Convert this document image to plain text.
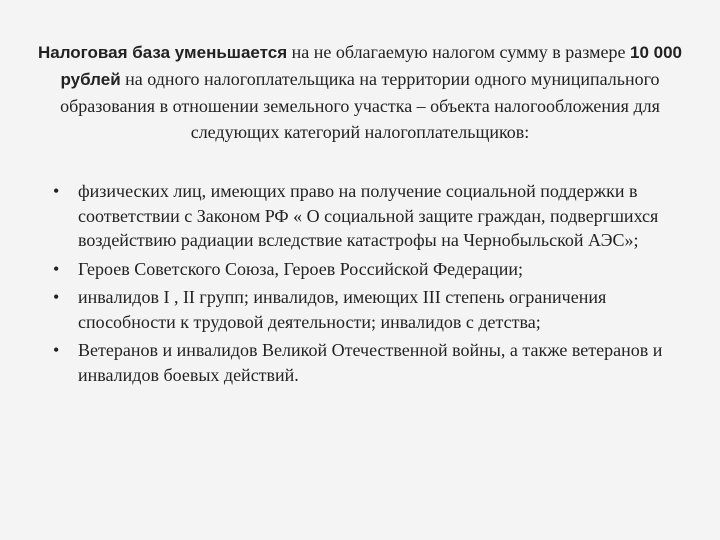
Налоговая база уменьшается на не облагаемую налогом сумму в размере 10 000 рублей на одного налогоплательщика на территории одного муниципального образования в отношении земельного участка – объекта налогообложения для следующих категорий налогоплательщиков:

• физических лиц, имеющих право на получение социальной поддержки в соответствии с Законом РФ « О социальной защите граждан, подвергшихся воздействию радиации вследствие катастрофы на Чернобыльской АЭС»;
• Героев Советского Союза, Героев Российской Федерации;
• инвалидов I , II групп; инвалидов, имеющих III степень ограничения способности к трудовой деятельности; инвалидов с детства;
• Ветеранов и инвалидов Великой Отечественной войны, а также ветеранов и инвалидов боевых действий.
